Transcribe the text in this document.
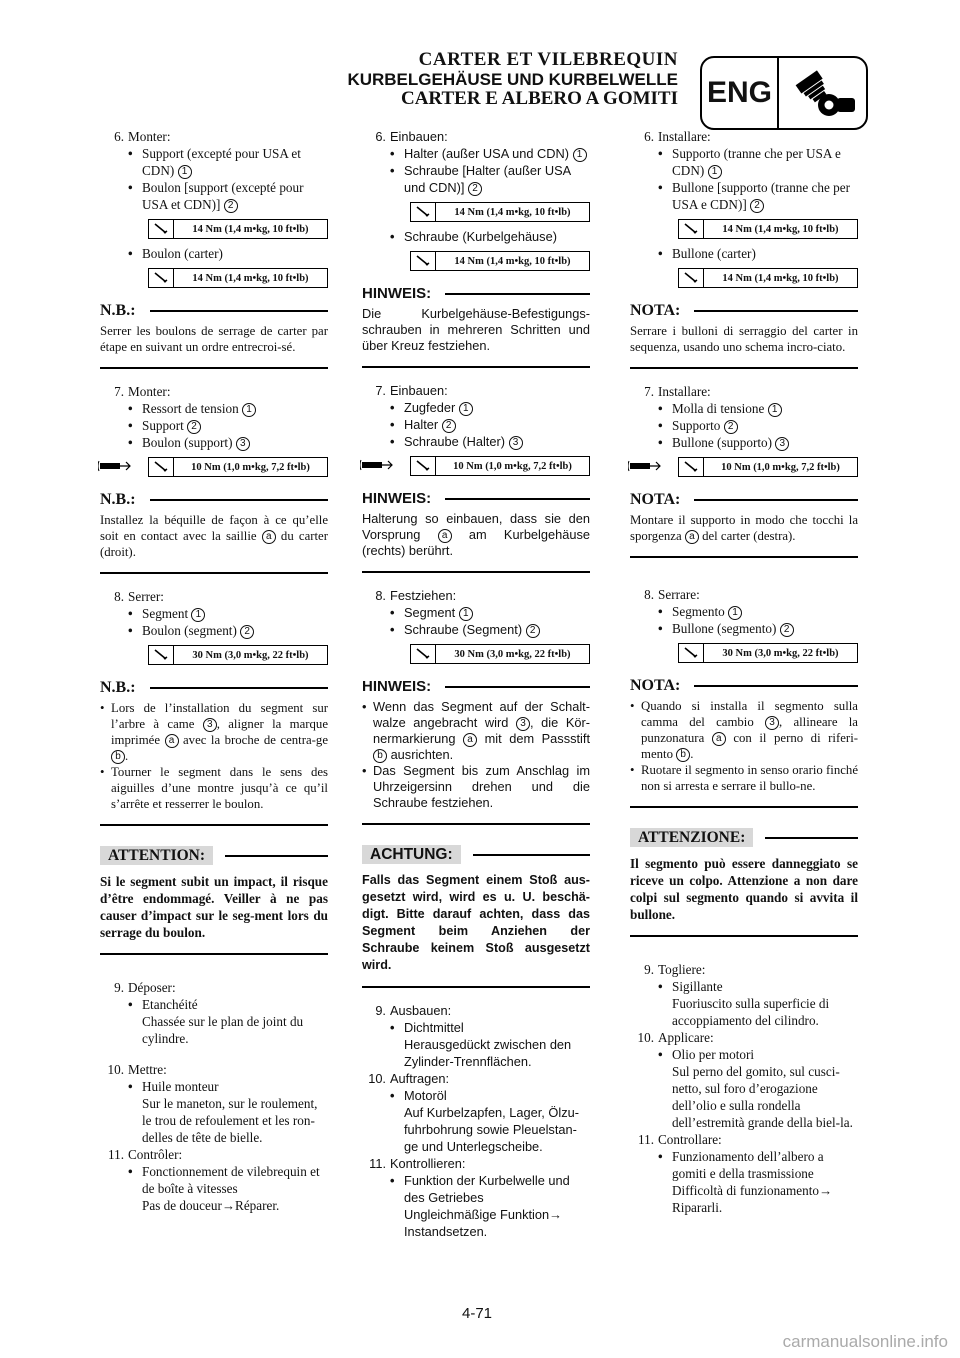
CARTER ET VILEBREQUIN
KURBELGEHÄUSE UND KURBELWELLE
CARTER E ALBERO A GOMITI ENG
6. Monter:
• Support (excepté pour USA et CDN) 1
• Boulon [support (excepté pour USA et CDN)] 2
14 Nm (1,4 m•kg, 10 ft•lb)
• Boulon (carter)
14 Nm (1,4 m•kg, 10 ft•lb)
N.B.:
Serrer les boulons de serrage de carter par étape en suivant un ordre entrecroi-sé.
7. Monter:
• Ressort de tension 1
• Support 2
• Boulon (support) 3
10 Nm (1,0 m•kg, 7,2 ft•lb)
N.B.:
Installez la béquille de façon à ce qu’elle soit en contact avec la saillie a du carter (droit).
8. Serrer:
• Segment 1
• Boulon (segment) 2
30 Nm (3,0 m•kg, 22 ft•lb)
N.B.:
• Lors de l’installation du segment sur l’arbre à came 3 , aligner la marque imprimée a avec la broche de centra-ge b .
• Tourner le segment dans le sens des aiguilles d’une montre jusqu’à ce qu’il s’arrête et resserrer le boulon.
ATTENTION:
Si le segment subit un impact, il risque d’être endommagé. Veiller à ne pas causer d’impact sur le seg-ment lors du serrage du boulon.
9. Déposer:
• Etanchéité
Chassée sur le plan de joint du cylindre.
10. Mettre:
• Huile monteur
Sur le maneton, sur le roulement, le trou de refoulement et les ron-delles de tête de bielle.
11. Contrôler:
• Fonctionnement de vilebrequin et de boîte à vitesses
Pas de douceur→Réparer.
6. Einbauen:
• Halter (außer USA und CDN) 1
• Schraube [Halter (außer USA und CDN)] 2
14 Nm (1,4 m•kg, 10 ft•lb)
• Schraube (Kurbelgehäuse)
14 Nm (1,4 m•kg, 10 ft•lb)
HINWEIS:
Die Kurbelgehäuse-Befestigungs-schrauben in mehreren Schritten und über Kreuz festziehen.
7. Einbauen:
• Zugfeder 1
• Halter 2
• Schraube (Halter) 3
10 Nm (1,0 m•kg, 7,2 ft•lb)
HINWEIS:
Halterung so einbauen, dass sie den Vorsprung a am Kurbelgehäuse (rechts) berührt.
8. Festziehen:
• Segment 1
• Schraube (Segment) 2
30 Nm (3,0 m•kg, 22 ft•lb)
HINWEIS:
• Wenn das Segment auf der Schalt-walze angebracht wird 3 , die Kör-nermarkierung a mit dem Passstift b ausrichten.
• Das Segment bis zum Anschlag im Uhrzeigersinn drehen und die Schraube festziehen.
ACHTUNG:
Falls das Segment einem Stoß aus-gesetzt wird, wird es u. U. beschä-digt. Bitte darauf achten, dass das Segment beim Anziehen der Schraube keinem Stoß ausgesetzt wird.
9. Ausbauen:
• Dichtmittel
Herausgedückt zwischen den Zylinder-Trennflächen.
10. Auftragen:
• Motoröl
Auf Kurbelzapfen, Lager, Ölzu-fuhrbohrung sowie Pleuelstan-ge und Unterlegscheibe.
11. Kontrollieren:
• Funktion der Kurbelwelle und des Getriebes
Ungleichmäßige Funktion→ Instandsetzen.
6. Installare:
• Supporto (tranne che per USA e CDN) 1
• Bullone [supporto (tranne che per USA e CDN)] 2
14 Nm (1,4 m•kg, 10 ft•lb)
• Bullone (carter)
14 Nm (1,4 m•kg, 10 ft•lb)
NOTA:
Serrare i bulloni di serraggio del carter in sequenza, usando uno schema incro-ciato.
7. Installare:
• Molla di tensione 1
• Supporto 2
• Bullone (supporto) 3
10 Nm (1,0 m•kg, 7,2 ft•lb)
NOTA:
Montare il supporto in modo che tocchi la sporgenza a del carter (destra).
8. Serrare:
• Segmento 1
• Bullone (segmento) 2
30 Nm (3,0 m•kg, 22 ft•lb)
NOTA:
• Quando si installa il segmento sulla camma del cambio 3 , allineare la punzonatura a con il perno di riferi-mento b .
• Ruotare il segmento in senso orario finché non si arresta e serrare il bullo-ne.
ATTENZIONE:
Il segmento può essere danneggiato se riceve un colpo. Attenzione a non dare colpi sul segmento quando si avvita il bullone.
9. Togliere:
• Sigillante
Fuoriuscito sulla superficie di accoppiamento del cilindro.
10. Applicare:
• Olio per motori
Sul perno del gomito, sul cusci-netto, sul foro d’erogazione dell’olio e sulla rondella dell’estremità grande della biel-la.
11. Controllare:
• Funzionamento dell’albero a gomiti e della trasmissione
Difficoltà di funzionamento→ Ripararli.
4-71
carmanualsonline.info
